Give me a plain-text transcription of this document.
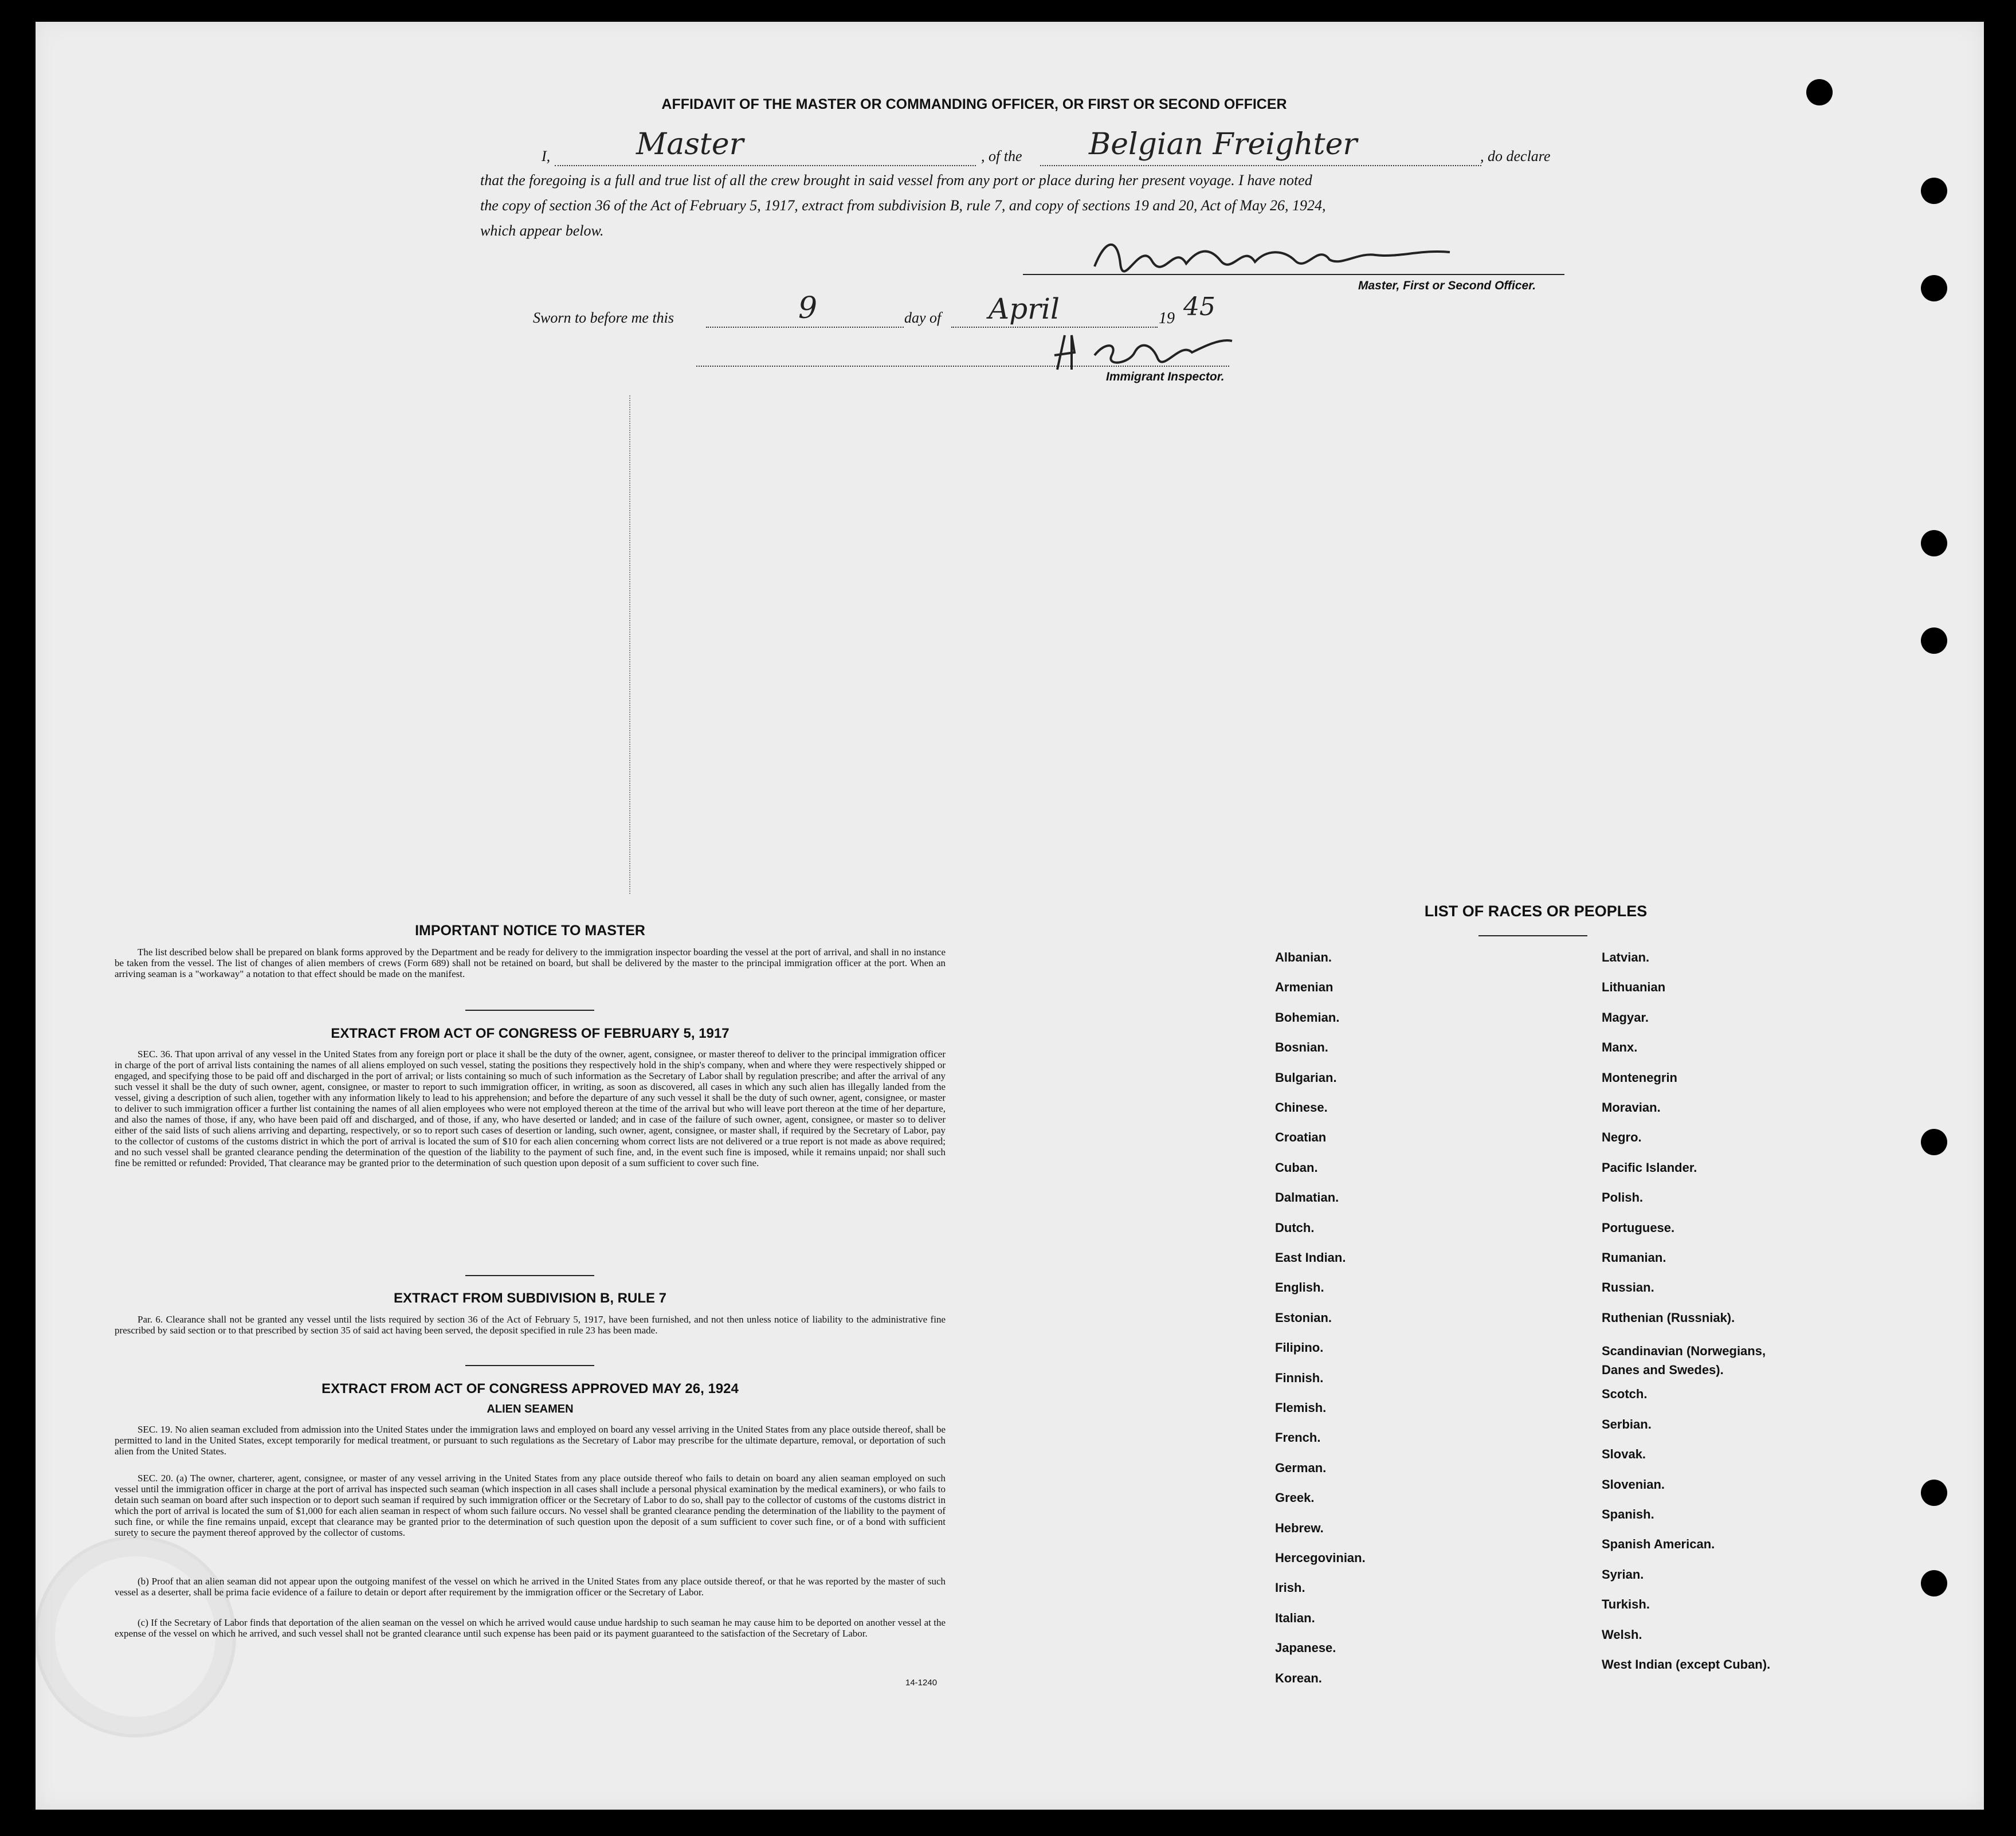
AFFIDAVIT OF THE MASTER OR COMMANDING OFFICER, OR FIRST OR SECOND OFFICER
I,	Master	, of the Belgian Freighter	, do declare
that the foregoing is a full and true list of all the crew brought in said vessel from any port or place during her present voyage. I have noted
the copy of section 36 of the Act of February 5, 1917, extract from subdivision B, rule 7, and copy of sections 19 and 20, Act of May 26, 1924,
which appear below.
Master, First or Second Officer.
Sworn to before me this	9	day of April	19 45
Immigrant Inspector.
IMPORTANT NOTICE TO MASTER
The list described below shall be prepared on blank forms approved by the Department and be ready for delivery to the immigration inspector boarding the vessel at the port of arrival, and shall in no instance be taken from the vessel. The list of changes of alien members of crews (Form 689) shall not be retained on board, but shall be delivered by the master to the principal immigration officer at the port. When an arriving seaman is a "workaway" a notation to that effect should be made on the manifest.
EXTRACT FROM ACT OF CONGRESS OF FEBRUARY 5, 1917
SEC. 36. That upon arrival of any vessel in the United States from any foreign port or place it shall be the duty of the owner, agent, consignee, or master thereof to deliver to the principal immigration officer in charge of the port of arrival lists containing the names of all aliens employed on such vessel, stating the positions they respectively hold in the ship's company, when and where they were respectively shipped or engaged, and specifying those to be paid off and discharged in the port of arrival; or lists containing so much of such information as the Secretary of Labor shall by regulation prescribe; and after the arrival of any such vessel it shall be the duty of such owner, agent, consignee, or master to report to such immigration officer, in writing, as soon as discovered, all cases in which any such alien has illegally landed from the vessel, giving a description of such alien, together with any information likely to lead to his apprehension; and before the departure of any such vessel it shall be the duty of such owner, agent, consignee, or master to deliver to such immigration officer a further list containing the names of all alien employees who were not employed thereon at the time of the arrival but who will leave port thereon at the time of her departure, and also the names of those, if any, who have been paid off and discharged, and of those, if any, who have deserted or landed; and in case of the failure of such owner, agent, consignee, or master so to deliver either of the said lists of such aliens arriving and departing, respectively, or so to report such cases of desertion or landing, such owner, agent, consignee, or master shall, if required by the Secretary of Labor, pay to the collector of customs of the customs district in which the port of arrival is located the sum of $10 for each alien concerning whom correct lists are not delivered or a true report is not made as above required; and no such vessel shall be granted clearance pending the determination of the question of the liability to the payment of such fine, and, in the event such fine is imposed, while it remains unpaid; nor shall such fine be remitted or refunded: Provided, That clearance may be granted prior to the determination of such question upon deposit of a sum sufficient to cover such fine.
EXTRACT FROM SUBDIVISION B, RULE 7
Par. 6. Clearance shall not be granted any vessel until the lists required by section 36 of the Act of February 5, 1917, have been furnished, and not then unless notice of liability to the administrative fine prescribed by said section or to that prescribed by section 35 of said act having been served, the deposit specified in rule 23 has been made.
EXTRACT FROM ACT OF CONGRESS APPROVED MAY 26, 1924
ALIEN SEAMEN
SEC. 19. No alien seaman excluded from admission into the United States under the immigration laws and employed on board any vessel arriving in the United States from any place outside thereof, shall be permitted to land in the United States, except temporarily for medical treatment, or pursuant to such regulations as the Secretary of Labor may prescribe for the ultimate departure, removal, or deportation of such alien from the United States.
SEC. 20. (a) The owner, charterer, agent, consignee, or master of any vessel arriving in the United States from any place outside thereof who fails to detain on board any alien seaman employed on such vessel until the immigration officer in charge at the port of arrival has inspected such seaman (which inspection in all cases shall include a personal physical examination by the medical examiners), or who fails to detain such seaman on board after such inspection or to deport such seaman if required by such immigration officer or the Secretary of Labor to do so, shall pay to the collector of customs of the customs district in which the port of arrival is located the sum of $1,000 for each alien seaman in respect of whom such failure occurs. No vessel shall be granted clearance pending the determination of the liability to the payment of such fine, or while the fine remains unpaid, except that clearance may be granted prior to the determination of such question upon the deposit of a sum sufficient to cover such fine, or of a bond with sufficient surety to secure the payment thereof approved by the collector of customs.
(b) Proof that an alien seaman did not appear upon the outgoing manifest of the vessel on which he arrived in the United States from any place outside thereof, or that he was reported by the master of such vessel as a deserter, shall be prima facie evidence of a failure to detain or deport after requirement by the immigration officer or the Secretary of Labor.
(c) If the Secretary of Labor finds that deportation of the alien seaman on the vessel on which he arrived would cause undue hardship to such seaman he may cause him to be deported on another vessel at the expense of the vessel on which he arrived, and such vessel shall not be granted clearance until such expense has been paid or its payment guaranteed to the satisfaction of the Secretary of Labor.
14-1240
LIST OF RACES OR PEOPLES
Danes and Swedes).
Albanian.
Armenian
Bohemian.
Bosnian.
Bulgarian.
Chinese.
Croatian
Cuban.
Dalmatian.
Dutch.
East Indian.
English.
Estonian.
Filipino.
Finnish.
Flemish.
French.
German.
Greek.
Hebrew.
Hercegovinian.
Irish.
Italian.
Japanese.
Korean.
Latvian.
Lithuanian
Magyar.
Manx.
Montenegrin
Moravian.
Negro.
Pacific Islander.
Polish.
Portuguese.
Rumanian.
Russian.
Ruthenian (Russniak).
Scandinavian (Norwegians,
Scotch.
Serbian.
Slovak.
Slovenian.
Spanish.
Spanish American.
Syrian.
Turkish.
Welsh.
West Indian (except Cuban).
